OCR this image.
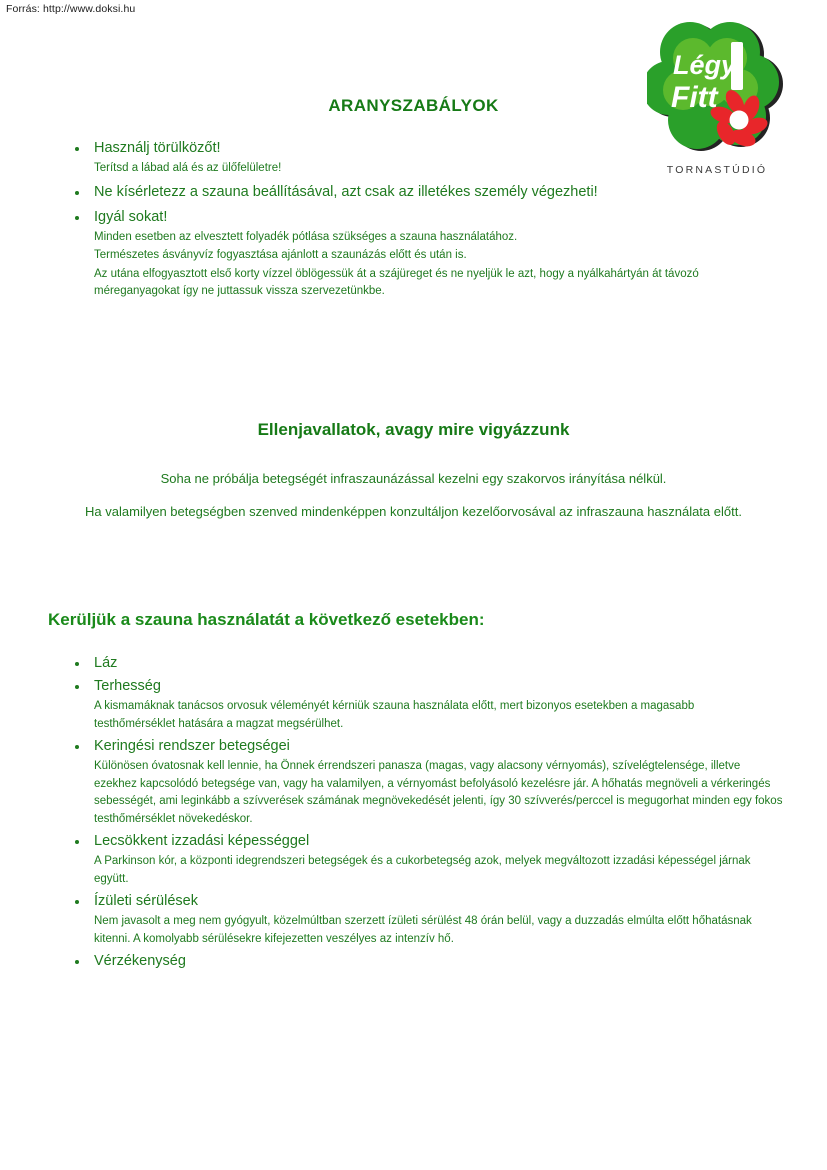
Forrás: http://www.doksi.hu
Légy
Fitt
TORNASTÚDIÓ
ARANYSZABÁLYOK
Használj törülközőt!
Terítsd a lábad alá és az ülőfelületre!
Ne kísérletezz a szauna beállításával, azt csak az illetékes személy végezheti!
Igyál sokat!
Minden esetben az elvesztett folyadék pótlása szükséges a szauna használatához.
Természetes ásványvíz fogyasztása ajánlott a szaunázás előtt és után is.
Az utána elfogyasztott első korty vízzel öblögessük át a szájüreget és ne nyeljük le azt, hogy a nyálkahártyán át távozó méreganyagokat így ne juttassuk vissza szervezetünkbe.
Ellenjavallatok, avagy mire vigyázzunk
Soha ne próbálja betegségét infraszaunázással kezelni egy szakorvos irányítása nélkül.
Ha valamilyen betegségben szenved mindenképpen konzultáljon kezelőorvosával az infraszauna használata előtt.
Kerüljük a szauna használatát a következő esetekben:
Láz
Terhesség
A kismamáknak tanácsos orvosuk véleményét kérniük szauna használata előtt, mert bizonyos esetekben a magasabb testhőmérséklet hatására a magzat megsérülhet.
Keringési rendszer betegségei
Különösen óvatosnak kell lennie, ha Önnek érrendszeri panasza (magas, vagy alacsony vérnyomás), szívelégtelensége, illetve ezekhez kapcsolódó betegsége van, vagy ha valamilyen, a vérnyomást befolyásoló kezelésre jár. A hőhatás megnöveli a vérkeringés sebességét, ami leginkább a szívverések számának megnövekedését jelenti, így 30 szívverés/perccel is megugorhat minden egy fokos testhőmérséklet növekedéskor.
Lecsökkent izzadási képességgel
A Parkinson kór, a központi idegrendszeri betegségek és a cukorbetegség azok, melyek megváltozott izzadási képességel járnak együtt.
Ízületi sérülések
Nem javasolt a meg nem gyógyult, közelmúltban szerzett ízületi sérülést 48 órán belül, vagy a duzzadás elmúlta előtt hőhatásnak kitenni. A komolyabb sérülésekre kifejezetten veszélyes az intenzív hő.
Vérzékenység
